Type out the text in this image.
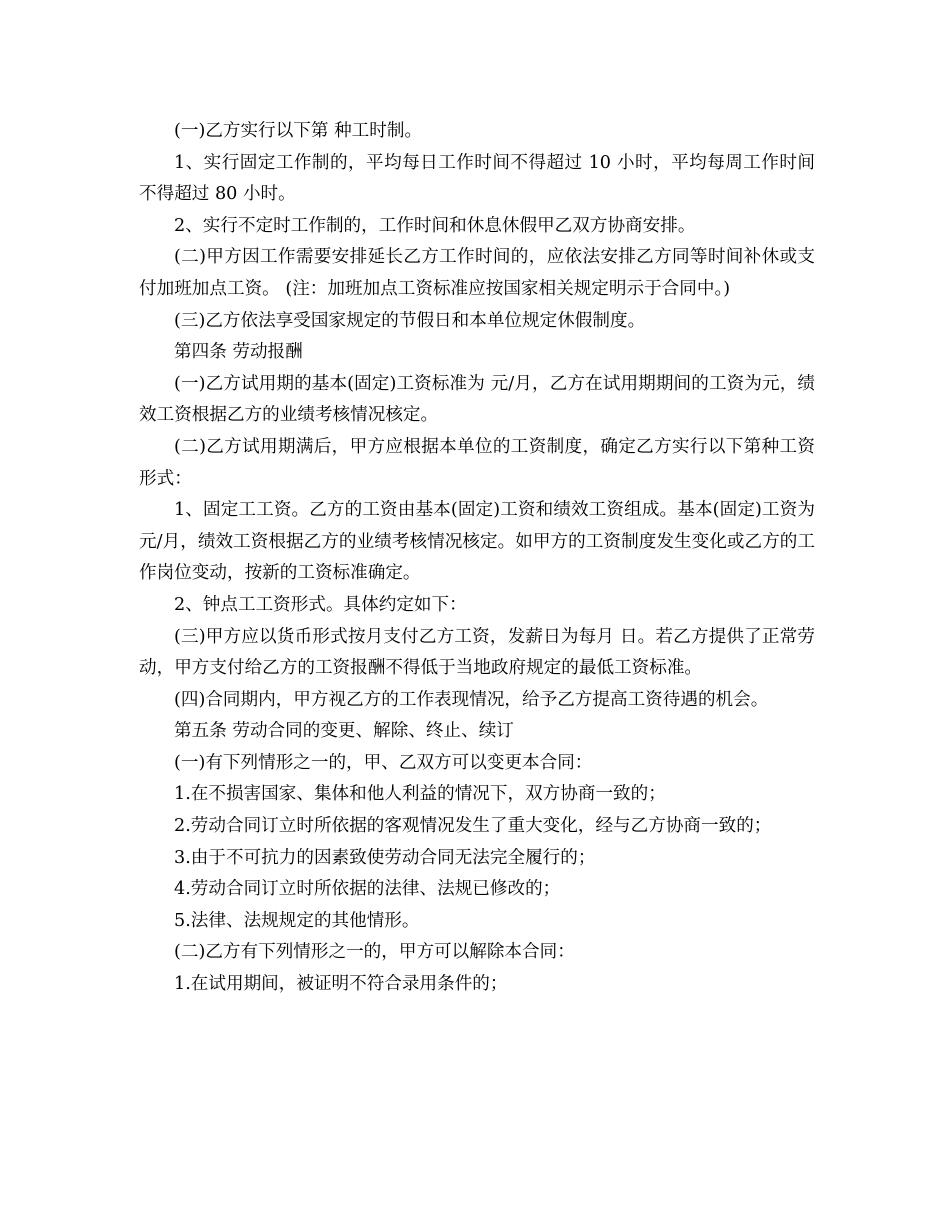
(一)乙方实行以下第 种工时制。

1、实行固定工作制的，平均每日工作时间不得超过 10 小时，平均每周工作时间不得超过 80 小时。

2、实行不定时工作制的，工作时间和休息休假甲乙双方协商安排。

(二)甲方因工作需要安排延长乙方工作时间的，应依法安排乙方同等时间补休或支付加班加点工资。 (注：加班加点工资标准应按国家相关规定明示于合同中。)

(三)乙方依法享受国家规定的节假日和本单位规定休假制度。

第四条 劳动报酬

(一)乙方试用期的基本(固定)工资标准为 元/月，乙方在试用期期间的工资为元，绩效工资根据乙方的业绩考核情况核定。

(二)乙方试用期满后，甲方应根据本单位的工资制度，确定乙方实行以下第种工资形式：

1、固定工工资。乙方的工资由基本(固定)工资和绩效工资组成。基本(固定)工资为元/月，绩效工资根据乙方的业绩考核情况核定。如甲方的工资制度发生变化或乙方的工作岗位变动，按新的工资标准确定。

2、钟点工工资形式。具体约定如下：

(三)甲方应以货币形式按月支付乙方工资，发薪日为每月 日。若乙方提供了正常劳动，甲方支付给乙方的工资报酬不得低于当地政府规定的最低工资标准。

(四)合同期内，甲方视乙方的工作表现情况，给予乙方提高工资待遇的机会。

第五条 劳动合同的变更、解除、终止、续订

(一)有下列情形之一的，甲、乙双方可以变更本合同：

1.在不损害国家、集体和他人利益的情况下，双方协商一致的；

2.劳动合同订立时所依据的客观情况发生了重大变化，经与乙方协商一致的；

3.由于不可抗力的因素致使劳动合同无法完全履行的；

4.劳动合同订立时所依据的法律、法规已修改的；

5.法律、法规规定的其他情形。

(二)乙方有下列情形之一的，甲方可以解除本合同：

1.在试用期间，被证明不符合录用条件的；
